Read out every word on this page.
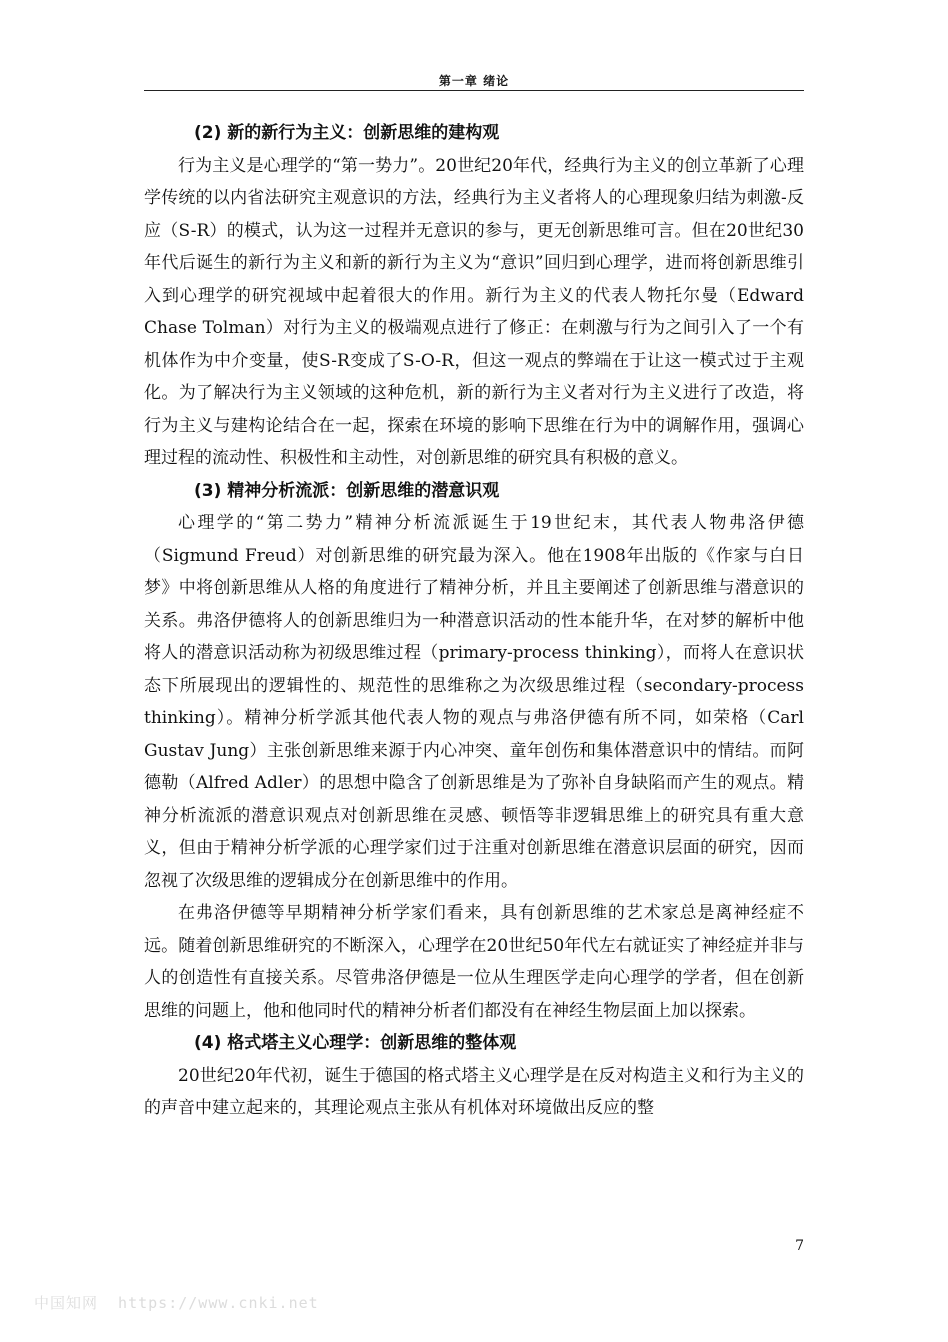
第一章 绪论

(2) 新的新行为主义：创新思维的建构观

行为主义是心理学的“第一势力”。20世纪20年代，经典行为主义的创立革新了心理学传统的以内省法研究主观意识的方法，经典行为主义者将人的心理现象归结为刺激-反应（S-R）的模式，认为这一过程并无意识的参与，更无创新思维可言。但在20世纪30年代后诞生的新行为主义和新的新行为主义为“意识”回归到心理学，进而将创新思维引入到心理学的研究视域中起着很大的作用。新行为主义的代表人物托尔曼（Edward Chase Tolman）对行为主义的极端观点进行了修正：在刺激与行为之间引入了一个有机体作为中介变量，使S-R变成了S-O-R，但这一观点的弊端在于让这一模式过于主观化。为了解决行为主义领域的这种危机，新的新行为主义者对行为主义进行了改造，将行为主义与建构论结合在一起，探索在环境的影响下思维在行为中的调解作用，强调心理过程的流动性、积极性和主动性，对创新思维的研究具有积极的意义。

(3) 精神分析流派：创新思维的潜意识观

心理学的“第二势力”精神分析流派诞生于19世纪末，其代表人物弗洛伊德（Sigmund Freud）对创新思维的研究最为深入。他在1908年出版的《作家与白日梦》中将创新思维从人格的角度进行了精神分析，并且主要阐述了创新思维与潜意识的关系。弗洛伊德将人的创新思维归为一种潜意识活动的性本能升华，在对梦的解析中他将人的潜意识活动称为初级思维过程（primary-process thinking），而将人在意识状态下所展现出的逻辑性的、规范性的思维称之为次级思维过程（secondary-process thinking）。精神分析学派其他代表人物的观点与弗洛伊德有所不同，如荣格（Carl Gustav Jung）主张创新思维来源于内心冲突、童年创伤和集体潜意识中的情结。而阿德勒（Alfred Adler）的思想中隐含了创新思维是为了弥补自身缺陷而产生的观点。精神分析流派的潜意识观点对创新思维在灵感、顿悟等非逻辑思维上的研究具有重大意义，但由于精神分析学派的心理学家们过于注重对创新思维在潜意识层面的研究，因而忽视了次级思维的逻辑成分在创新思维中的作用。

在弗洛伊德等早期精神分析学家们看来，具有创新思维的艺术家总是离神经症不远。随着创新思维研究的不断深入，心理学在20世纪50年代左右就证实了神经症并非与人的创造性有直接关系。尽管弗洛伊德是一位从生理医学走向心理学的学者，但在创新思维的问题上，他和他同时代的精神分析者们都没有在神经生物层面上加以探索。

(4) 格式塔主义心理学：创新思维的整体观

20世纪20年代初，诞生于德国的格式塔主义心理学是在反对构造主义和行为主义的的声音中建立起来的，其理论观点主张从有机体对环境做出反应的整

7
中国知网  https://www.cnki.net
